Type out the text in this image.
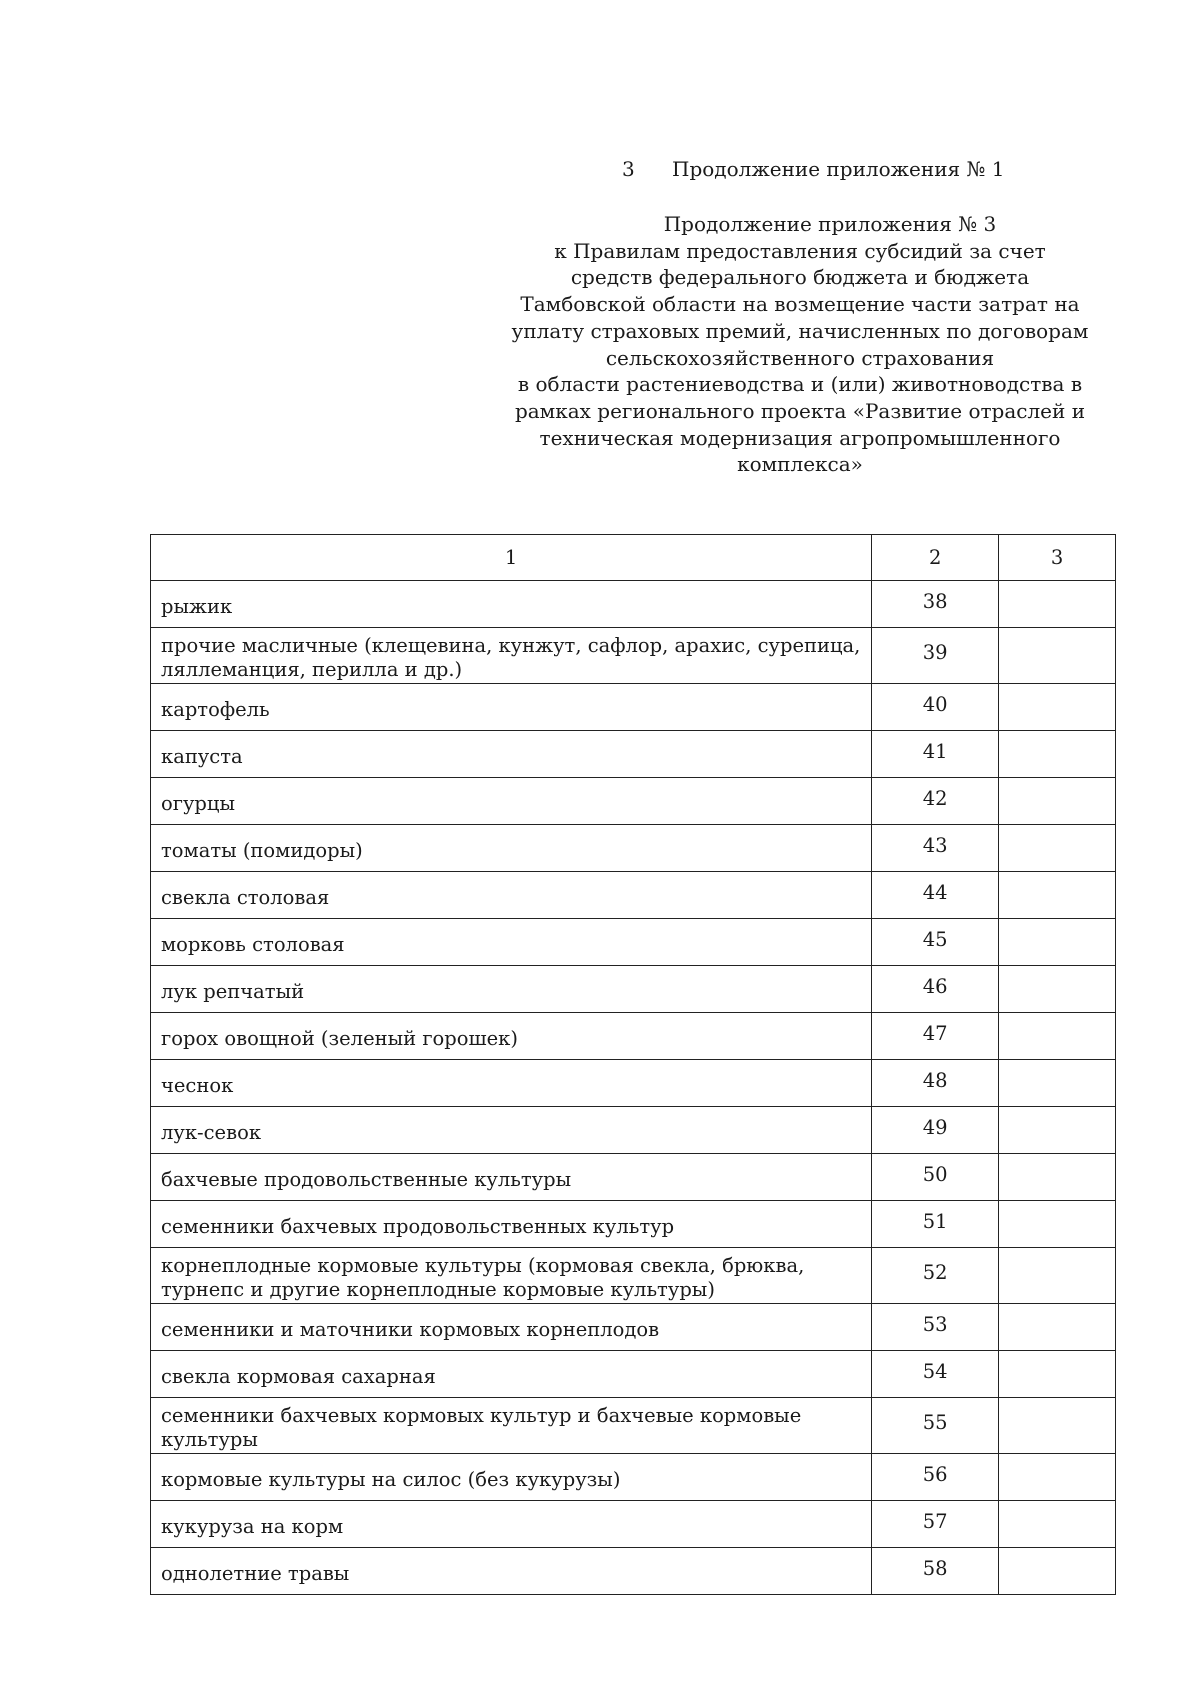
3 Продолжение приложения № 1
Продолжение приложения № 3
к Правилам предоставления субсидий за счет
средств федерального бюджета и бюджета
Тамбовской области на возмещение части затрат на
уплату страховых премий, начисленных по договорам
сельскохозяйственного страхования
в области растениеводства и (или) животноводства в
рамках регионального проекта «Развитие отраслей и
техническая модернизация агропромышленного
комплекса»
1	2	3
рыжик	38	
прочие масличные (клещевина, кунжут, сафлор, арахис, сурепица, ляллеманция, перилла и др.)	39	
картофель	40	
капуста	41	
огурцы	42	
томаты (помидоры)	43	
свекла столовая	44	
морковь столовая	45	
лук репчатый	46	
горох овощной (зеленый горошек)	47	
чеснок	48	
лук-севок	49	
бахчевые продовольственные культуры	50	
семенники бахчевых продовольственных культур	51	
корнеплодные кормовые культуры (кормовая свекла, брюква, турнепс и другие корнеплодные кормовые культуры)	52	
семенники и маточники кормовых корнеплодов	53	
свекла кормовая сахарная	54	
семенники бахчевых кормовых культур и бахчевые кормовые культуры	55	
кормовые культуры на силос (без кукурузы)	56	
кукуруза на корм	57	
однолетние травы	58	
